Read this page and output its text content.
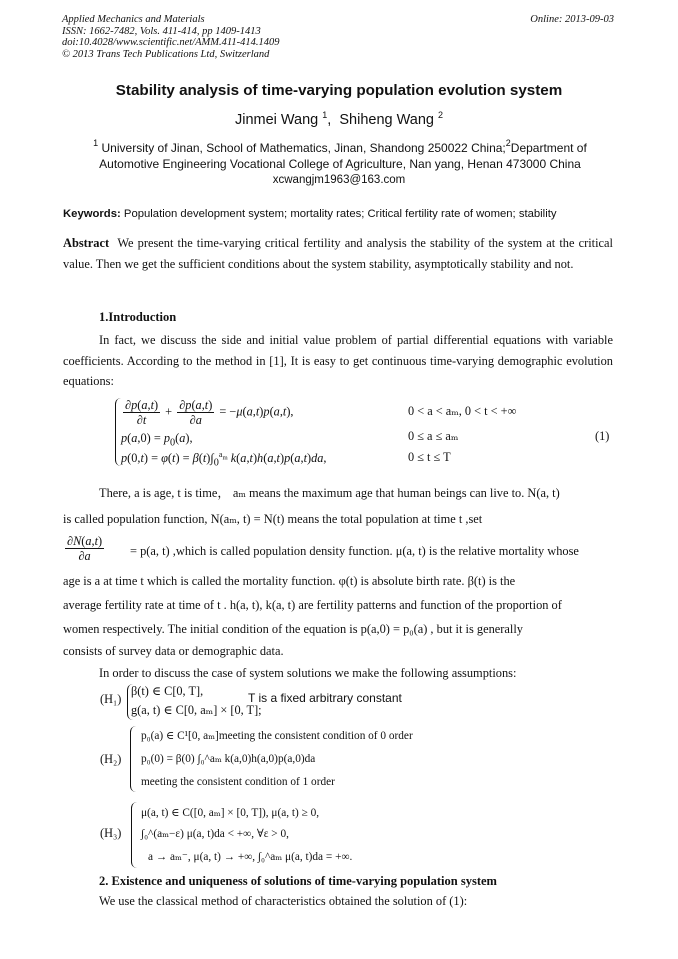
Applied Mechanics and Materials
ISSN: 1662-7482, Vols. 411-414, pp 1409-1413
doi:10.4028/www.scientific.net/AMM.411-414.1409
© 2013 Trans Tech Publications Ltd, Switzerland
Online: 2013-09-03
Stability analysis of time-varying population evolution system
Jinmei Wang $^1$,  Shiheng Wang $^2$
$^1$ University of Jinan, School of Mathematics, Jinan, Shandong 250022 China;$^2$Department of Automotive Engineering Vocational College of Agriculture, Nan yang, Henan 473000 China
xcwangjm1963@163.com
Keywords: Population development system; mortality rates; Critical fertility rate of women; stability
Abstract We present the time-varying critical fertility and analysis the stability of the system at the critical value. Then we get the sufficient conditions about the system stability, asymptotically stability and not.
1.Introduction
In fact, we discuss the side and initial value problem of partial differential equations with variable coefficients. According to the method in [1], It is easy to get continuous time-varying demographic evolution equations:
$\frac{\partial p(a,t)}{\partial t} + \frac{\partial p(a,t)}{\partial a} = -\mu(a,t)p(a,t)$,
$p(a,0) = p_0(a)$,
$p(0,t) = \varphi(t) = \beta(t)\int_0^{a_m}$ k(a,t)h(a,t)p(a,t)da,
0 < a < aₘ, 0 < t < +∞
0 ≤ a ≤ aₘ
0 ≤ t ≤ T
(1)
There, a is age, t is time， aₘ means the maximum age that human beings can live to. N(a, t)
is called population function, N(aₘ, t) = N(t) means the total population at time t ,set
$\frac{\partial N(a,t)}{\partial a} = p(a$, t) ,which is called population density function. μ(a, t) is the relative mortality whose
age is a at time t which is called the mortality function. φ(t) is absolute birth rate. β(t) is the
average fertility rate at time of t . h(a, t), k(a, t) are fertility patterns and function of the proportion of
women respectively. The initial condition of the equation is p(a,0) = p₀(a) , but it is generally
consists of survey data or demographic data.
In order to discuss the case of system solutions we make the following assumptions:
(H₁)
β(t) ∈ C[0, T],
g(a, t) ∈ C[0, aₘ] × [0, T];
T is a fixed arbitrary constant
(H₂)
p₀(a) ∈ C¹[0, aₘ]meeting the consistent condition of 0 order
p₀(0) = β(0) ∫₀^aₘ k(a,0)h(a,0)p(a,0)da
meeting the consistent condition of 1 order
(H₃)
μ(a, t) ∈ C([0, aₘ] × [0, T]), μ(a, t) ≥ 0,
∫₀^(aₘ−ε) μ(a, t)da < +∞, ∀ε > 0,
a → aₘ⁻, μ(a, t) → +∞, ∫₀^aₘ μ(a, t)da = +∞.
2. Existence and uniqueness of solutions of time-varying population system
We use the classical method of characteristics obtained the solution of (1):
